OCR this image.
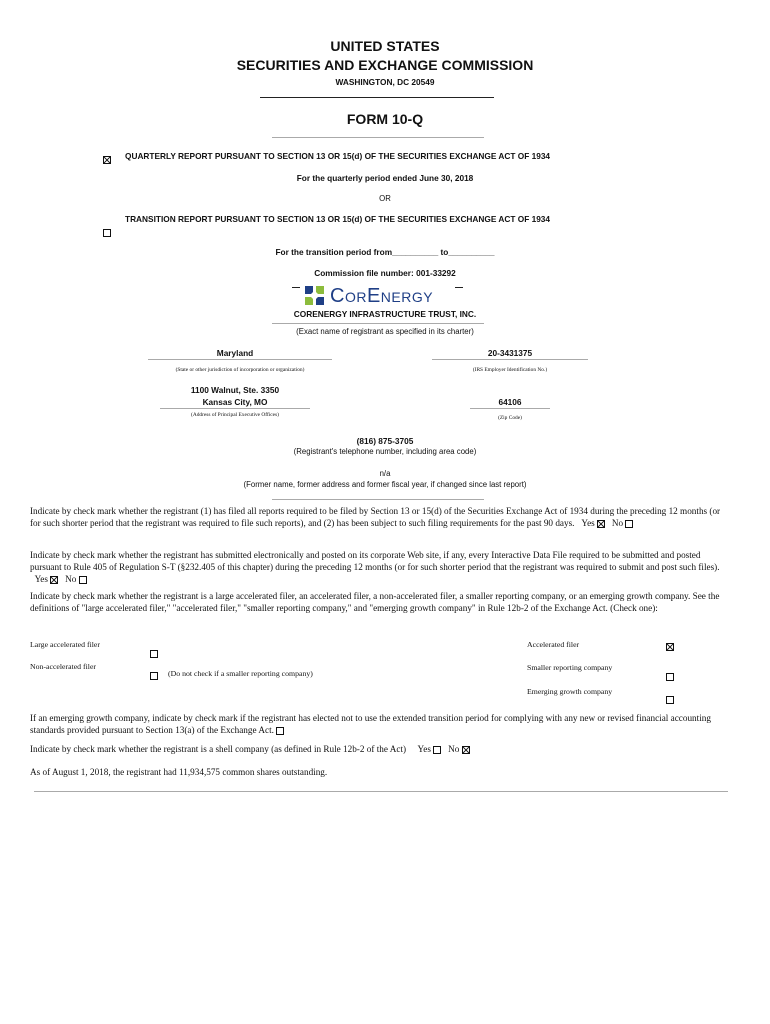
UNITED STATES
SECURITIES AND EXCHANGE COMMISSION
WASHINGTON, DC 20549
FORM 10-Q
QUARTERLY REPORT PURSUANT TO SECTION 13 OR 15(d) OF THE SECURITIES EXCHANGE ACT OF 1934
For the quarterly period ended June 30, 2018
OR
TRANSITION REPORT PURSUANT TO SECTION 13 OR 15(d) OF THE SECURITIES EXCHANGE ACT OF 1934
For the transition period from__________ to__________
Commission file number: 001-33292
CorEnergy
CORENERGY INFRASTRUCTURE TRUST, INC.
(Exact name of registrant as specified in its charter)
Maryland
(State or other jurisdiction of incorporation or organization)
20-3431375
(IRS Employer Identification No.)
1100 Walnut, Ste. 3350
Kansas City, MO
(Address of Principal Executive Offices)
64106
(Zip Code)
(816) 875-3705
(Registrant's telephone number, including area code)
n/a
(Former name, former address and former fiscal year, if changed since last report)
Indicate by check mark whether the registrant (1) has filed all reports required to be filed by Section 13 or 15(d) of the Securities Exchange Act of 1934 during the preceding 12 months (or for such shorter period that the registrant was required to file such reports), and (2) has been subject to such filing requirements for the past 90 days. Yes No
Indicate by check mark whether the registrant has submitted electronically and posted on its corporate Web site, if any, every Interactive Data File required to be submitted and posted pursuant to Rule 405 of Regulation S-T (§232.405 of this chapter) during the preceding 12 months (or for such shorter period that the registrant was required to submit and post such files).   Yes No
Indicate by check mark whether the registrant is a large accelerated filer, an accelerated filer, a non-accelerated filer, a smaller reporting company, or an emerging growth company. See the definitions of "large accelerated filer," "accelerated filer," "smaller reporting company," and "emerging growth company" in Rule 12b-2 of the Exchange Act. (Check one):
Large accelerated filer
Non-accelerated filer
(Do not check if a smaller reporting company)
Accelerated filer
Smaller reporting company
Emerging growth company
If an emerging growth company, indicate by check mark if the registrant has elected not to use the extended transition period for complying with any new or revised financial accounting standards provided pursuant to Section 13(a) of the Exchange Act.
Indicate by check mark whether the registrant is a shell company (as defined in Rule 12b-2 of the Act) Yes No
As of August 1, 2018, the registrant had 11,934,575 common shares outstanding.
